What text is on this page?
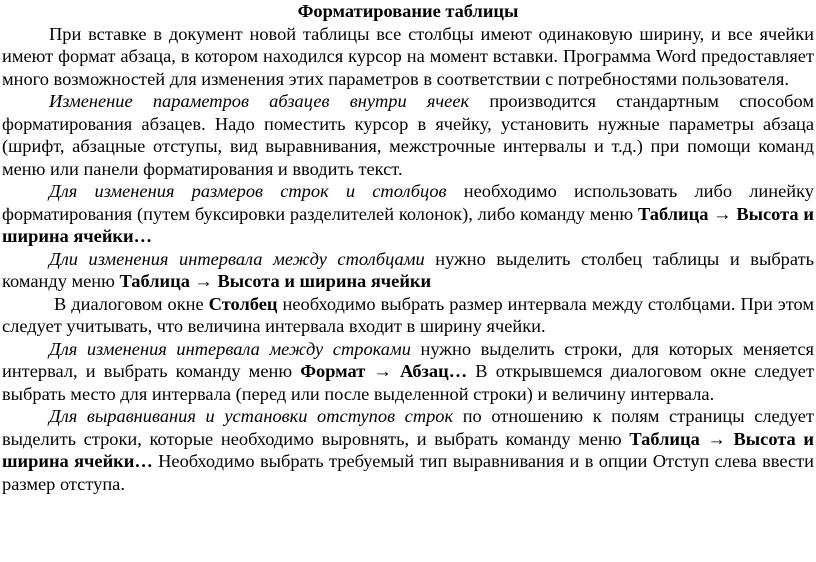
Форматирование таблицы

При вставке в документ новой таблицы все столбцы имеют одинаковую ширину, и все ячейки имеют формат абзаца, в котором находился курсор на момент вставки. Программа Word предоставляет много возможностей для изменения этих параметров в соответствии с потребностями пользователя.

Изменение параметров абзацев внутри ячеек производится стандартным способом форматирования абзацев. Надо поместить курсор в ячейку, установить нужные параметры абзаца (шрифт, абзацные отступы, вид выравнивания, межстрочные интервалы и т.д.) при помощи команд меню или панели форматирования и вводить текст.

Для изменения размеров строк и столбцов необходимо использовать либо линейку форматирования (путем буксировки разделителей колонок), либо команду меню Таблица → Высота и ширина ячейки…

Дли изменения интервала между столбцами нужно выделить столбец таблицы и выбрать команду меню Таблица → Высота и ширина ячейки

В диалоговом окне Столбец необходимо выбрать размер интервала между столбцами. При этом следует учитывать, что величина интервала входит в ширину ячейки.

Для изменения интервала между строками нужно выделить строки, для которых меняется интервал, и выбрать команду меню Формат → Абзац… В открывшемся диалоговом окне следует выбрать место для интервала (перед или после выделенной строки) и величину интервала.

Для выравнивания и установки отступов строк по отношению к полям страницы следует выделить строки, которые необходимо выровнять, и выбрать команду меню Таблица → Высота и ширина ячейки… Необходимо выбрать требуемый тип выравнивания и в опции Отступ слева ввести размер отступа.
